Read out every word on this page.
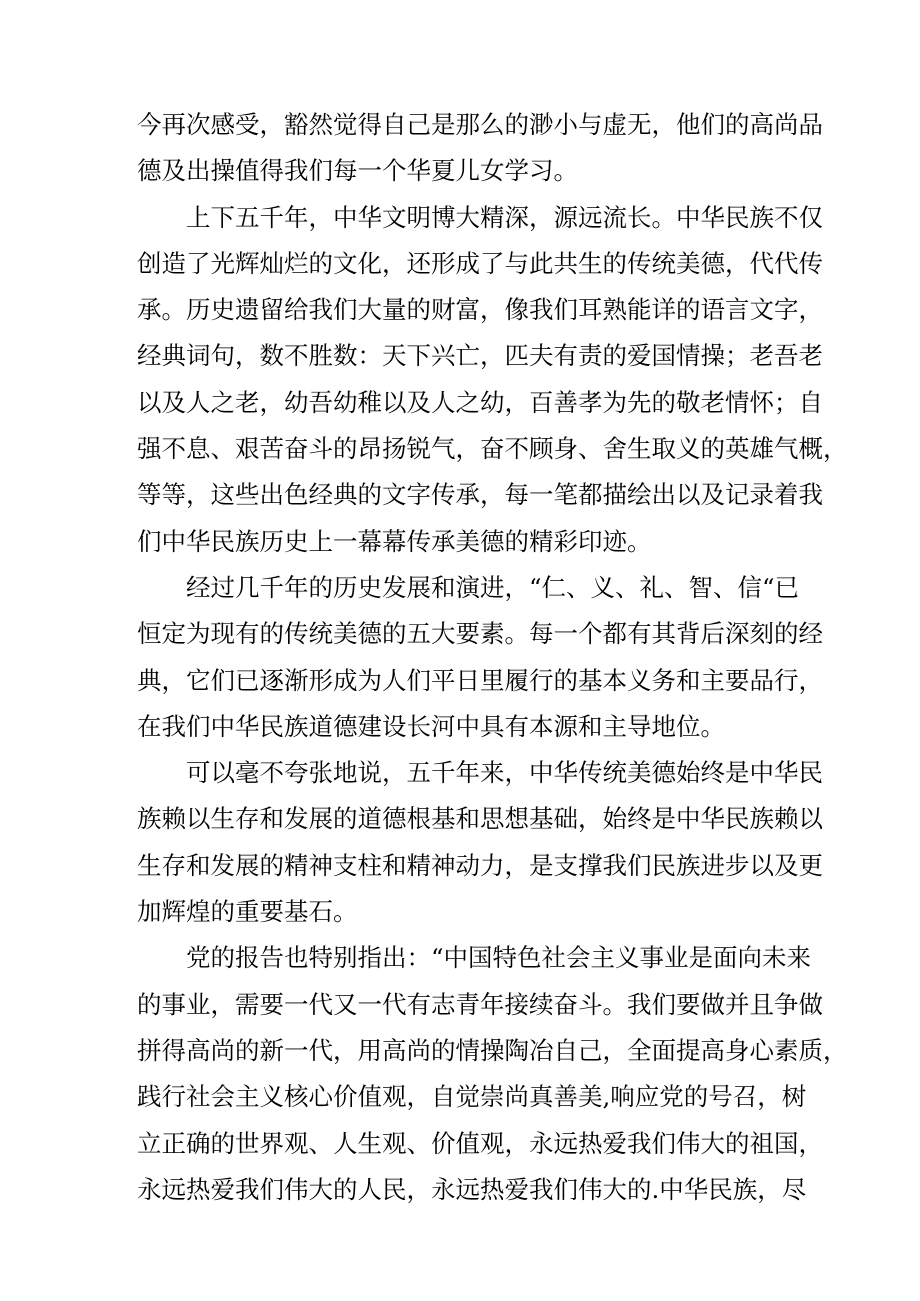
今再次感受，豁然觉得自己是那么的渺小与虚无，他们的高尚品
德及出操值得我们每一个华夏儿女学习。
上下五千年，中华文明博大精深，源远流长。中华民族不仅
创造了光辉灿烂的文化，还形成了与此共生的传统美德，代代传
承。历史遗留给我们大量的财富，像我们耳熟能详的语言文字，
经典词句，数不胜数：天下兴亡，匹夫有责的爱国情操；老吾老
以及人之老，幼吾幼稚以及人之幼，百善孝为先的敬老情怀；自
强不息、艰苦奋斗的昂扬锐气，奋不顾身、舍生取义的英雄气概，
等等，这些出色经典的文字传承，每一笔都描绘出以及记录着我
们中华民族历史上一幕幕传承美德的精彩印迹。
经过几千年的历史发展和演进，“仁、义、礼、智、信“已
恒定为现有的传统美德的五大要素。每一个都有其背后深刻的经
典，它们已逐渐形成为人们平日里履行的基本义务和主要品行，
在我们中华民族道德建设长河中具有本源和主导地位。
可以毫不夸张地说，五千年来，中华传统美德始终是中华民
族赖以生存和发展的道德根基和思想基础，始终是中华民族赖以
生存和发展的精神支柱和精神动力，是支撑我们民族进步以及更
加辉煌的重要基石。
党的报告也特别指出：“中国特色社会主义事业是面向未来
的事业，需要一代又一代有志青年接续奋斗。我们要做并且争做
拼得高尚的新一代，用高尚的情操陶冶自己，全面提高身心素质，
践行社会主义核心价值观，自觉崇尚真善美,响应党的号召，树
立正确的世界观、人生观、价值观，永远热爱我们伟大的祖国，
永远热爱我们伟大的人民，永远热爱我们伟大的.中华民族，尽
